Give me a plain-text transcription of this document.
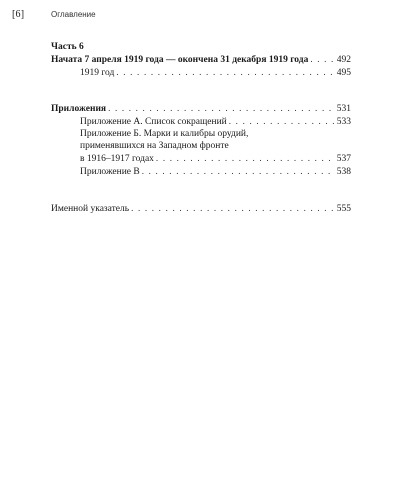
[6]	Оглавление
Часть 6
Начата 7 апреля 1919 года — окончена 31 декабря 1919 года . . .	492
1919 год . . .	495
Приложения . . .	531
Приложение А. Список сокращений . . .	533
Приложение Б. Марки и калибры орудий,
применявшихся на Западном фронте
в 1916–1917 годах . . .	537
Приложение В . . .	538
Именной указатель . . .	555
